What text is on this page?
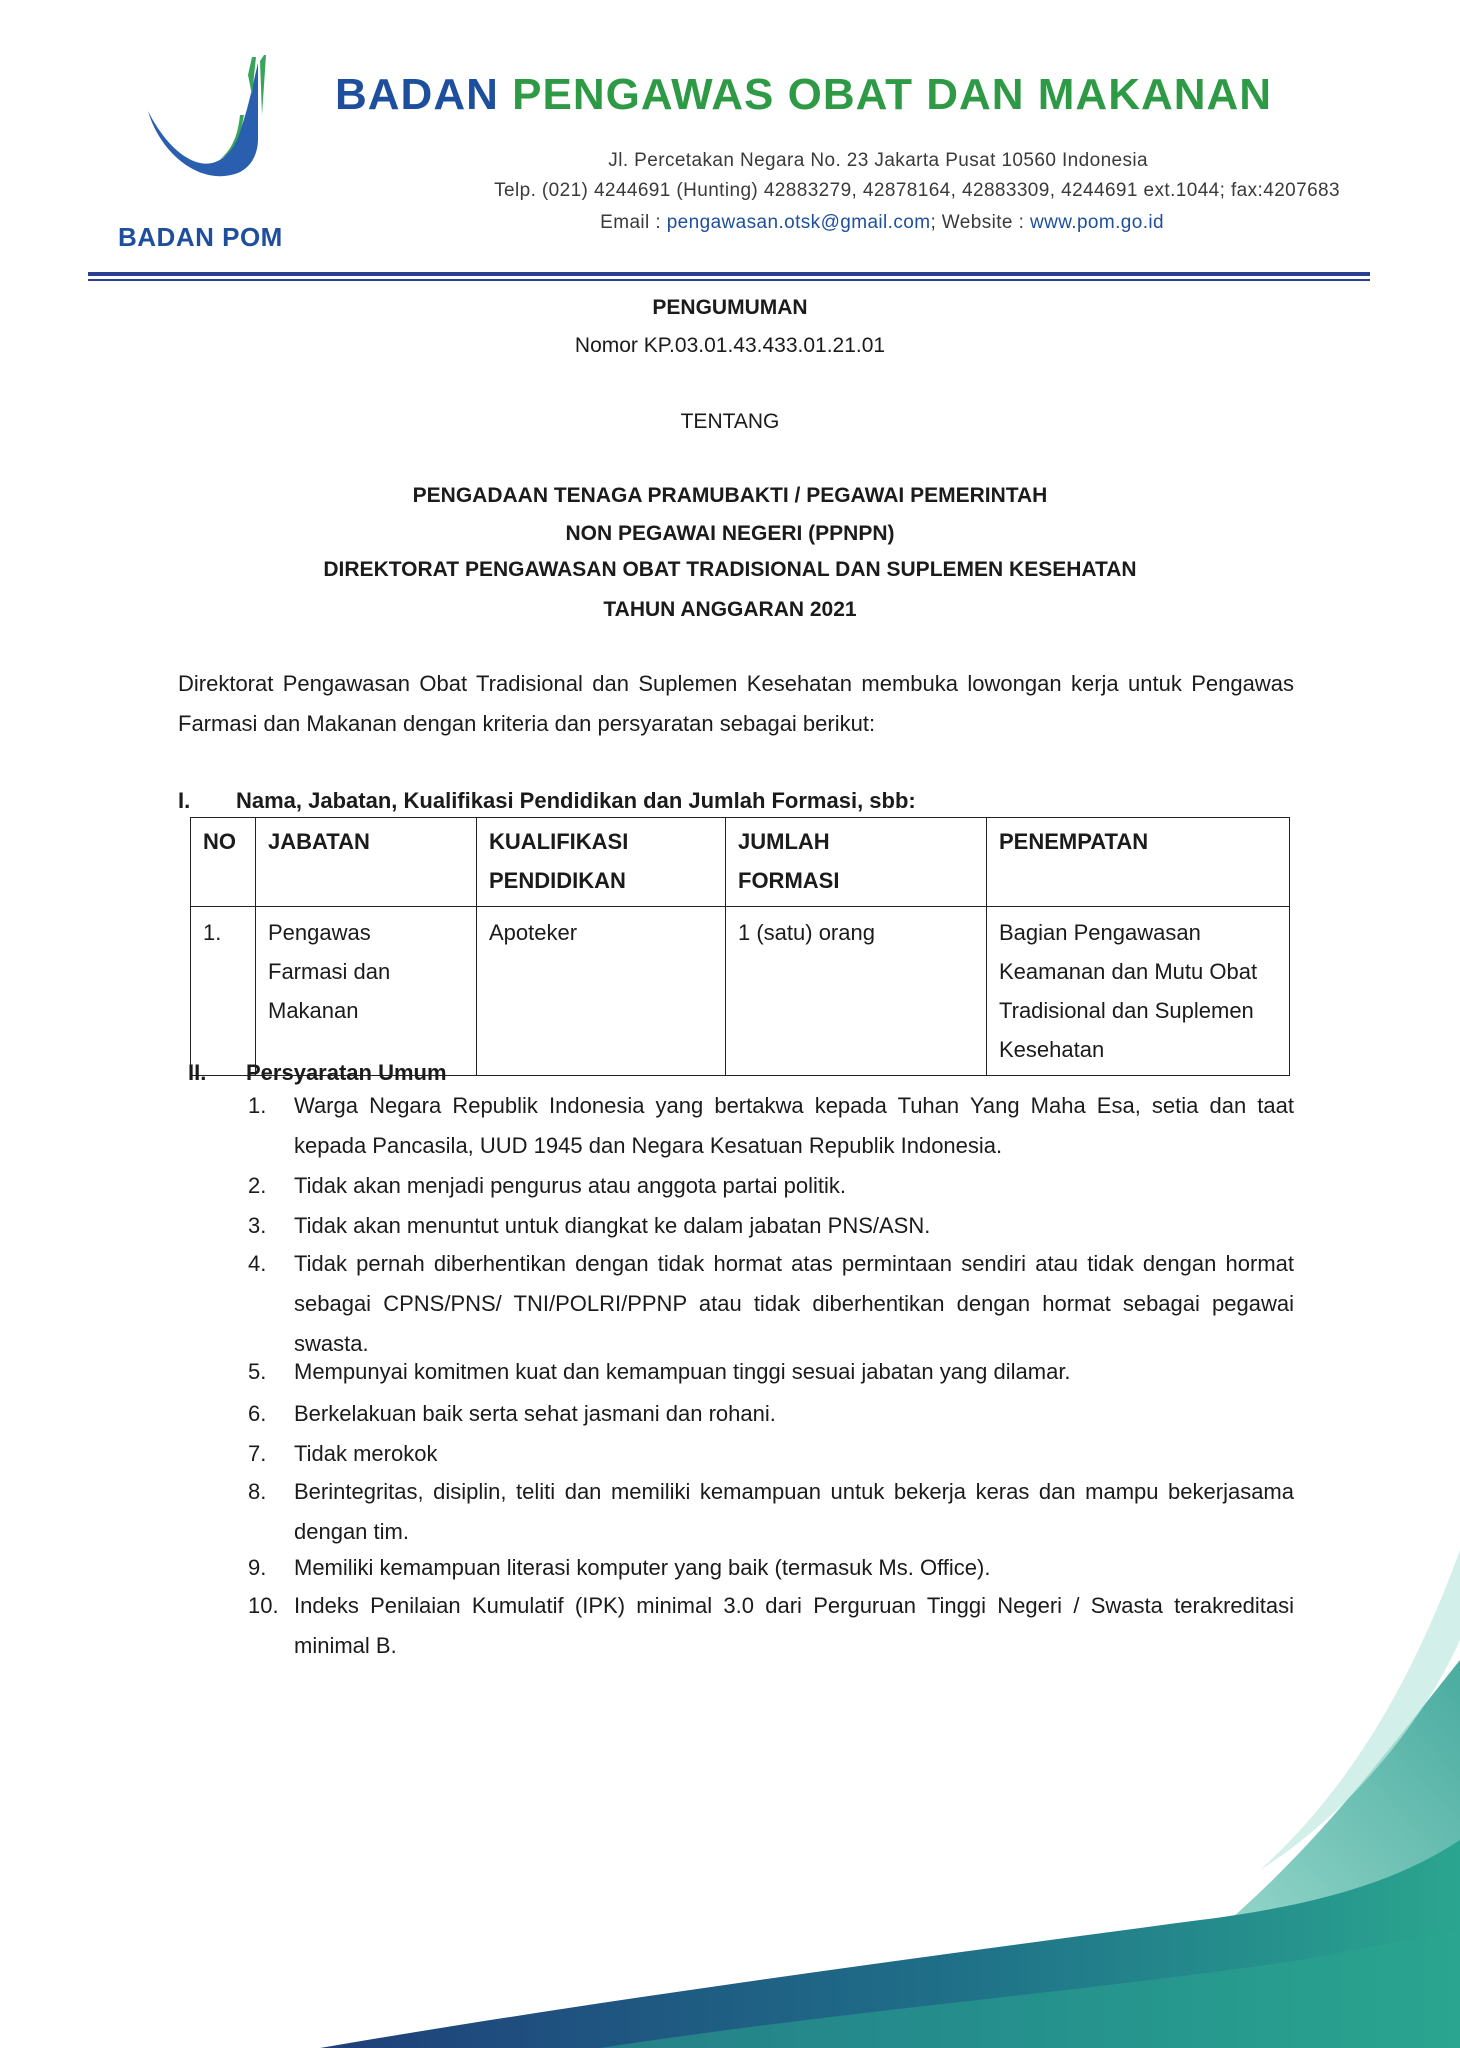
BADAN PENGAWAS OBAT DAN MAKANAN
BADAN POM
Jl. Percetakan Negara No. 23 Jakarta Pusat 10560 Indonesia
Telp. (021) 4244691 (Hunting) 42883279, 42878164, 42883309, 4244691 ext.1044; fax:4207683
Email : pengawasan.otsk@gmail.com; Website : www.pom.go.id
PENGUMUMAN
Nomor KP.03.01.43.433.01.21.01
TENTANG
PENGADAAN TENAGA PRAMUBAKTI / PEGAWAI PEMERINTAH
NON PEGAWAI NEGERI (PPNPN)
DIREKTORAT PENGAWASAN OBAT TRADISIONAL DAN SUPLEMEN KESEHATAN
TAHUN ANGGARAN 2021
Direktorat Pengawasan Obat Tradisional dan Suplemen Kesehatan membuka lowongan kerja untuk Pengawas Farmasi dan Makanan dengan kriteria dan persyaratan sebagai berikut:
I. Nama, Jabatan, Kualifikasi Pendidikan dan Jumlah Formasi, sbb:
NO	JABATAN	KUALIFIKASI PENDIDIKAN	JUMLAH FORMASI	PENEMPATAN
1.	Pengawas Farmasi dan Makanan	Apoteker	1 (satu) orang	Bagian Pengawasan Keamanan dan Mutu Obat Tradisional dan Suplemen Kesehatan
II. Persyaratan Umum
1.	Warga Negara Republik Indonesia yang bertakwa kepada Tuhan Yang Maha Esa, setia dan taat kepada Pancasila, UUD 1945 dan Negara Kesatuan Republik Indonesia.
2.	Tidak akan menjadi pengurus atau anggota partai politik.
3.	Tidak akan menuntut untuk diangkat ke dalam jabatan PNS/ASN.
4.	Tidak pernah diberhentikan dengan tidak hormat atas permintaan sendiri atau tidak dengan hormat sebagai CPNS/PNS/ TNI/POLRI/PPNP atau tidak diberhentikan dengan hormat sebagai pegawai swasta.
5.	Mempunyai komitmen kuat dan kemampuan tinggi sesuai jabatan yang dilamar.
6.	Berkelakuan baik serta sehat jasmani dan rohani.
7.	Tidak merokok
8.	Berintegritas, disiplin, teliti dan memiliki kemampuan untuk bekerja keras dan mampu bekerjasama dengan tim.
9.	Memiliki kemampuan literasi komputer yang baik (termasuk Ms. Office).
10. Indeks Penilaian Kumulatif (IPK) minimal 3.0 dari Perguruan Tinggi Negeri / Swasta terakreditasi minimal B.
